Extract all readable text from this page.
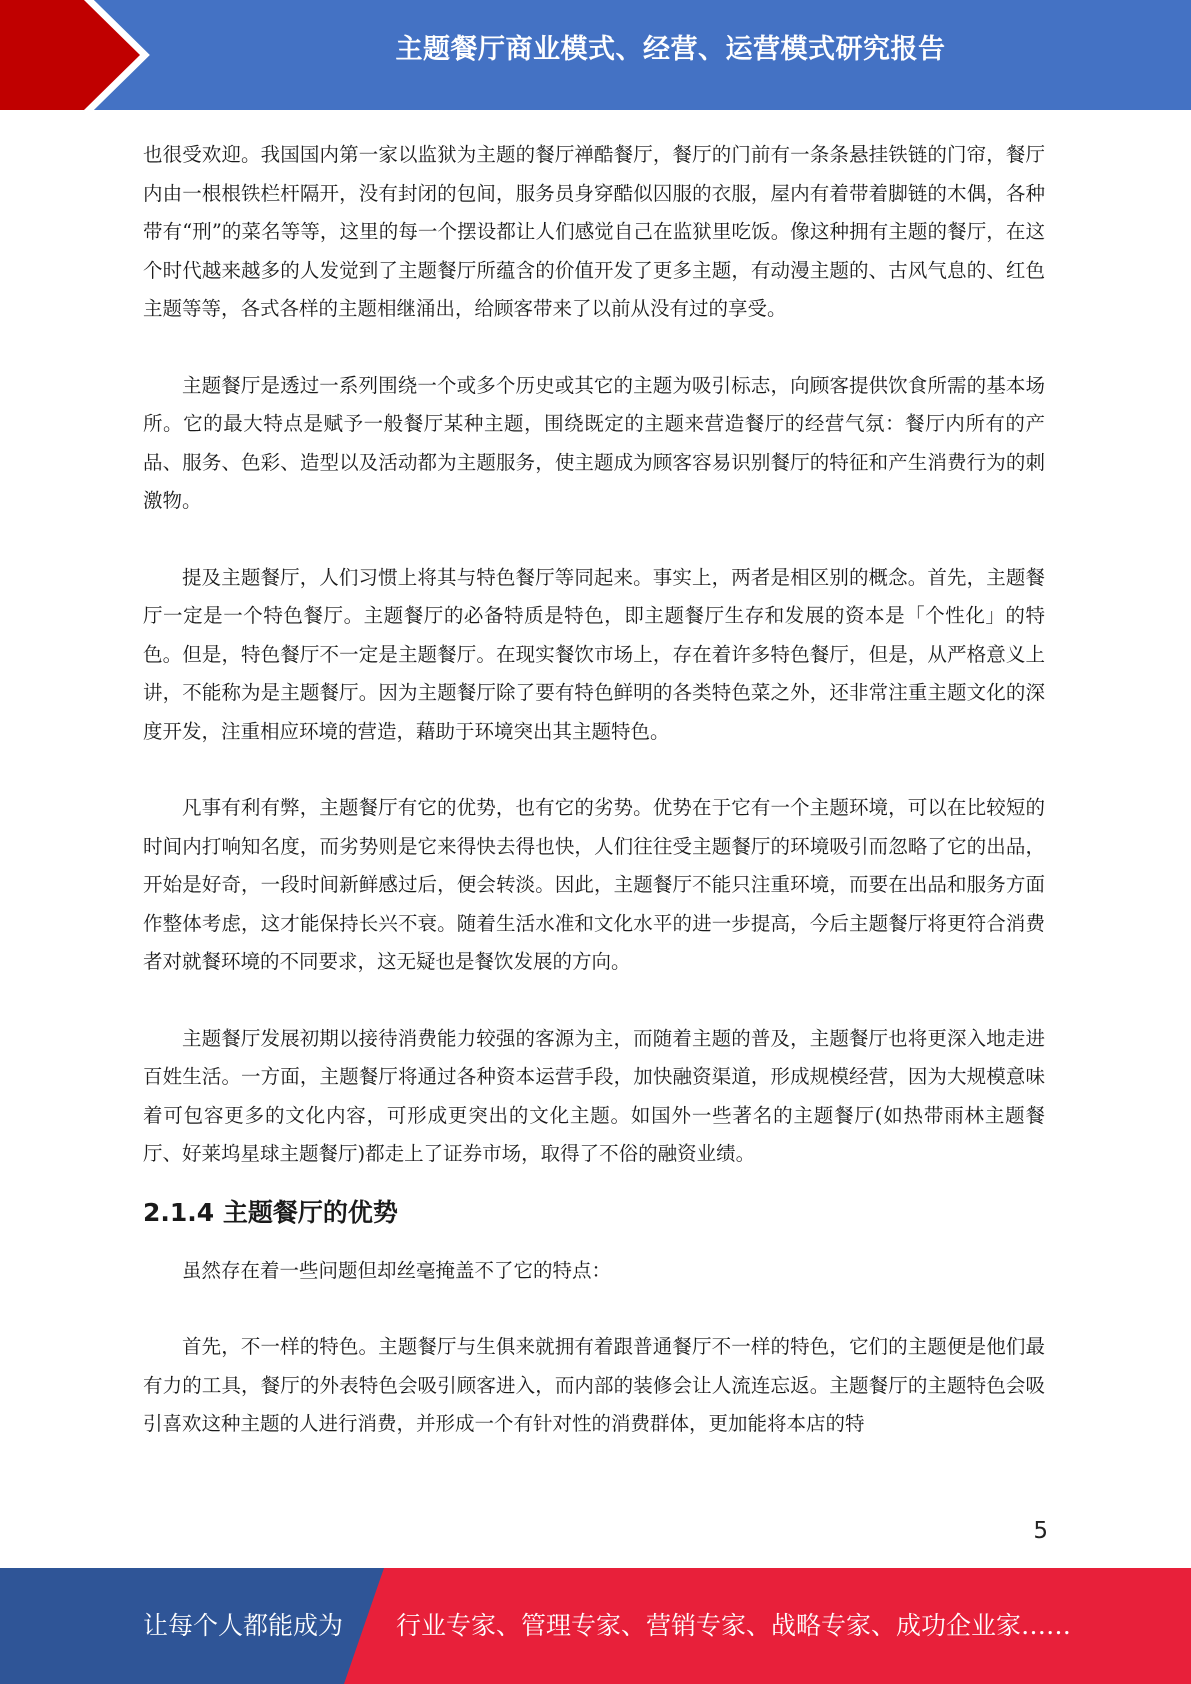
主题餐厅商业模式、经营、运营模式研究报告

也很受欢迎。我国国内第一家以监狱为主题的餐厅禅酷餐厅，餐厅的门前有一条条悬挂铁链的门帘，餐厅内由一根根铁栏杆隔开，没有封闭的包间，服务员身穿酷似囚服的衣服，屋内有着带着脚链的木偶，各种带有“刑”的菜名等等，这里的每一个摆设都让人们感觉自己在监狱里吃饭。像这种拥有主题的餐厅，在这个时代越来越多的人发觉到了主题餐厅所蕴含的价值开发了更多主题，有动漫主题的、古风气息的、红色主题等等，各式各样的主题相继涌出，给顾客带来了以前从没有过的享受。

主题餐厅是透过一系列围绕一个或多个历史或其它的主题为吸引标志，向顾客提供饮食所需的基本场所。它的最大特点是赋予一般餐厅某种主题，围绕既定的主题来营造餐厅的经营气氛：餐厅内所有的产品、服务、色彩、造型以及活动都为主题服务，使主题成为顾客容易识别餐厅的特征和产生消费行为的刺激物。

提及主题餐厅，人们习惯上将其与特色餐厅等同起来。事实上，两者是相区别的概念。首先，主题餐厅一定是一个特色餐厅。主题餐厅的必备特质是特色，即主题餐厅生存和发展的资本是「个性化」的特色。但是，特色餐厅不一定是主题餐厅。在现实餐饮市场上，存在着许多特色餐厅，但是，从严格意义上讲，不能称为是主题餐厅。因为主题餐厅除了要有特色鲜明的各类特色菜之外，还非常注重主题文化的深度开发，注重相应环境的营造，藉助于环境突出其主题特色。

凡事有利有弊，主题餐厅有它的优势，也有它的劣势。优势在于它有一个主题环境，可以在比较短的时间内打响知名度，而劣势则是它来得快去得也快，人们往往受主题餐厅的环境吸引而忽略了它的出品，开始是好奇，一段时间新鲜感过后，便会转淡。因此，主题餐厅不能只注重环境，而要在出品和服务方面作整体考虑，这才能保持长兴不衰。随着生活水准和文化水平的进一步提高，今后主题餐厅将更符合消费者对就餐环境的不同要求，这无疑也是餐饮发展的方向。

主题餐厅发展初期以接待消费能力较强的客源为主，而随着主题的普及，主题餐厅也将更深入地走进百姓生活。一方面，主题餐厅将通过各种资本运营手段，加快融资渠道，形成规模经营，因为大规模意味着可包容更多的文化内容，可形成更突出的文化主题。如国外一些著名的主题餐厅(如热带雨林主题餐厅、好莱坞星球主题餐厅)都走上了证券市场，取得了不俗的融资业绩。

2.1.4 主题餐厅的优势

虽然存在着一些问题但却丝毫掩盖不了它的特点：

首先，不一样的特色。主题餐厅与生俱来就拥有着跟普通餐厅不一样的特色，它们的主题便是他们最有力的工具，餐厅的外表特色会吸引顾客进入，而内部的装修会让人流连忘返。主题餐厅的主题特色会吸引喜欢这种主题的人进行消费，并形成一个有针对性的消费群体，更加能将本店的特

5
让每个人都能成为 行业专家、管理专家、营销专家、战略专家、成功企业家……
